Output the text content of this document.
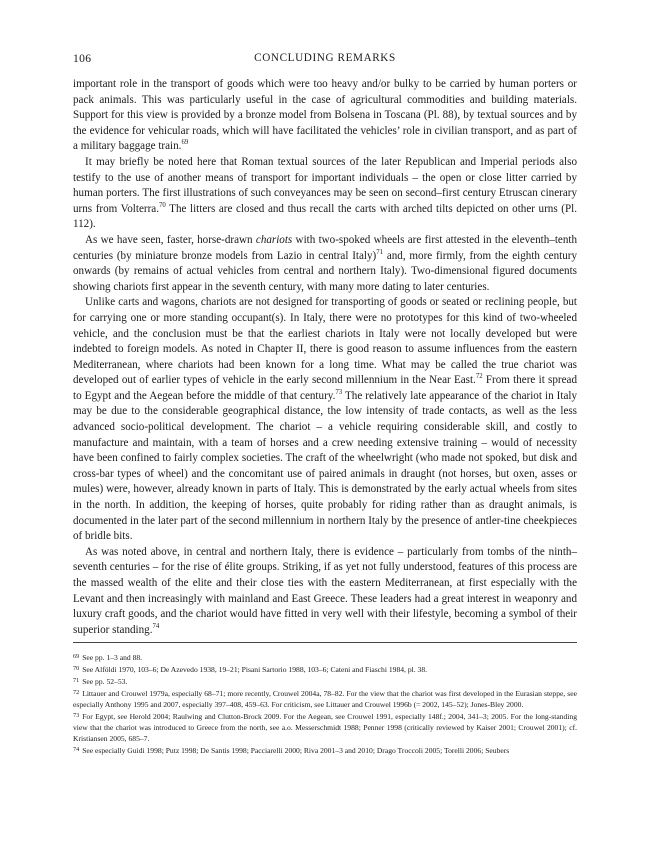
106	CONCLUDING REMARKS

important role in the transport of goods which were too heavy and/or bulky to be carried by human porters or pack animals. This was particularly useful in the case of agricultural commodities and building materials. Support for this view is provided by a bronze model from Bolsena in Toscana (Pl. 88), by textual sources and by the evidence for vehicular roads, which will have facilitated the vehicles’ role in civilian transport, and as part of a military baggage train.$^{69}$

It may briefly be noted here that Roman textual sources of the later Republican and Imperial periods also testify to the use of another means of transport for important individuals – the open or close litter carried by human porters. The first illustrations of such conveyances may be seen on second–first century Etruscan cinerary urns from Volterra.$^{70}$ The litters are closed and thus recall the carts with arched tilts depicted on other urns (Pl. 112).

As we have seen, faster, horse-drawn chariots with two-spoked wheels are first attested in the eleventh–tenth centuries (by miniature bronze models from Lazio in central Italy)$^{71}$ and, more firmly, from the eighth century onwards (by remains of actual vehicles from central and northern Italy). Two-dimensional figured documents showing chariots first appear in the seventh century, with many more dating to later centuries.

Unlike carts and wagons, chariots are not designed for transporting of goods or seated or reclining people, but for carrying one or more standing occupant(s). In Italy, there were no prototypes for this kind of two-wheeled vehicle, and the conclusion must be that the earliest chariots in Italy were not locally developed but were indebted to foreign models. As noted in Chapter II, there is good reason to assume influences from the eastern Mediterranean, where chariots had been known for a long time. What may be called the true chariot was developed out of earlier types of vehicle in the early second millennium in the Near East.$^{72}$ From there it spread to Egypt and the Aegean before the middle of that century.$^{73}$ The relatively late appearance of the chariot in Italy may be due to the considerable geographical distance, the low intensity of trade contacts, as well as the less advanced socio-political development. The chariot – a vehicle requiring considerable skill, and costly to manufacture and maintain, with a team of horses and a crew needing extensive training – would of necessity have been confined to fairly complex societies. The craft of the wheelwright (who made not spoked, but disk and cross-bar types of wheel) and the concomitant use of paired animals in draught (not horses, but oxen, asses or mules) were, however, already known in parts of Italy. This is demonstrated by the early actual wheels from sites in the north. In addition, the keeping of horses, quite probably for riding rather than as draught animals, is documented in the later part of the second millennium in northern Italy by the presence of antler-tine cheekpieces of bridle bits.

As was noted above, in central and northern Italy, there is evidence – particularly from tombs of the ninth–seventh centuries – for the rise of élite groups. Striking, if as yet not fully understood, features of this process are the massed wealth of the elite and their close ties with the eastern Mediterranean, at first especially with the Levant and then increasingly with mainland and East Greece. These leaders had a great interest in weaponry and luxury craft goods, and the chariot would have fitted in very well with their lifestyle, becoming a symbol of their superior standing.$^{74}$

$^{69}$ See pp. 1–3 and 88.

$^{70}$ See Alföldi 1970, 103–6; De Azevedo 1938, 19–21; Pisani Sartorio 1988, 103–6; Cateni and Fiaschi 1984, pl. 38.

$^{71}$ See pp. 52–53.

$^{72}$ Littauer and Crouwel 1979a, especially 68–71; more recently, Crouwel 2004a, 78–82. For the view that the chariot was first developed in the Eurasian steppe, see especially Anthony 1995 and 2007, especially 397–408, 459–63. For criticism, see Littauer and Crouwel 1996b (= 2002, 145–52); Jones-Bley 2000.

$^{73}$ For Egypt, see Herold 2004; Raulwing and Clutton-Brock 2009. For the Aegean, see Crouwel 1991, especially 148f.; 2004, 341–3; 2005. For the long-standing view that the chariot was introduced to Greece from the north, see a.o. Messerschmidt 1988; Penner 1998 (critically reviewed by Kaiser 2001; Crouwel 2001); cf. Kristiansen 2005, 685–7.

$^{74}$ See especially Guidi 1998; Putz 1998; De Santis 1998; Pacciarelli 2000; Riva 2001–3 and 2010; Drago Troccoli 2005; Torelli 2006; Seubers
